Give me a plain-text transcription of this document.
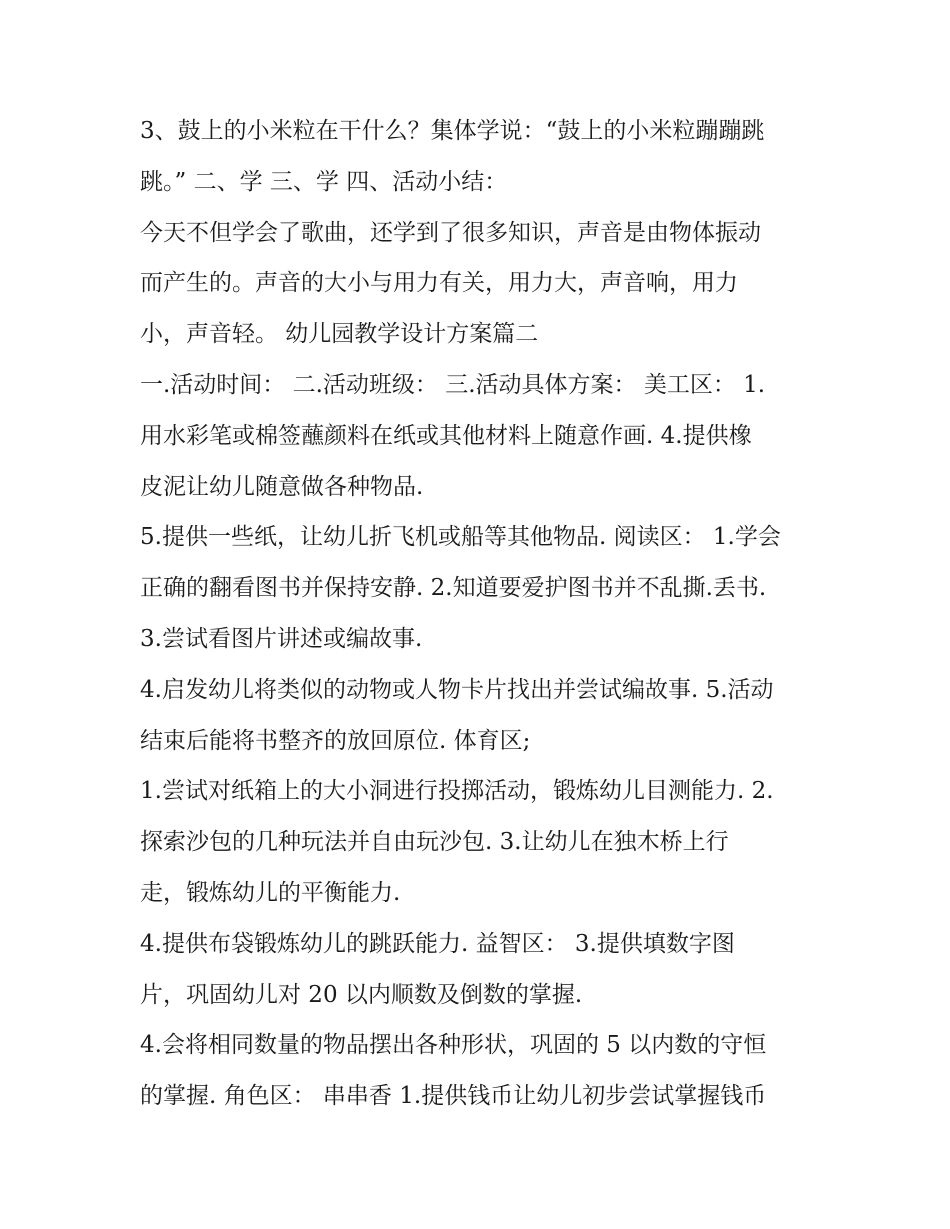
3、鼓上的小米粒在干什么？集体学说：“鼓上的小米粒蹦蹦跳
跳。” 二、学 三、学 四、活动小结：
今天不但学会了歌曲，还学到了很多知识，声音是由物体振动
而产生的。声音的大小与用力有关，用力大，声音响，用力
小，声音轻。 幼儿园教学设计方案篇二
一.活动时间： 二.活动班级： 三.活动具体方案： 美工区： 1.
用水彩笔或棉签蘸颜料在纸或其他材料上随意作画. 4.提供橡
皮泥让幼儿随意做各种物品.
5.提供一些纸，让幼儿折飞机或船等其他物品. 阅读区： 1.学会
正确的翻看图书并保持安静. 2.知道要爱护图书并不乱撕.丢书.
3.尝试看图片讲述或编故事.
4.启发幼儿将类似的动物或人物卡片找出并尝试编故事. 5.活动
结束后能将书整齐的放回原位. 体育区;
1.尝试对纸箱上的大小洞进行投掷活动，锻炼幼儿目测能力. 2.
探索沙包的几种玩法并自由玩沙包. 3.让幼儿在独木桥上行
走，锻炼幼儿的平衡能力.
4.提供布袋锻炼幼儿的跳跃能力. 益智区： 3.提供填数字图
片，巩固幼儿对 20 以内顺数及倒数的掌握.
4.会将相同数量的物品摆出各种形状，巩固的 5 以内数的守恒
的掌握. 角色区： 串串香 1.提供钱币让幼儿初步尝试掌握钱币
